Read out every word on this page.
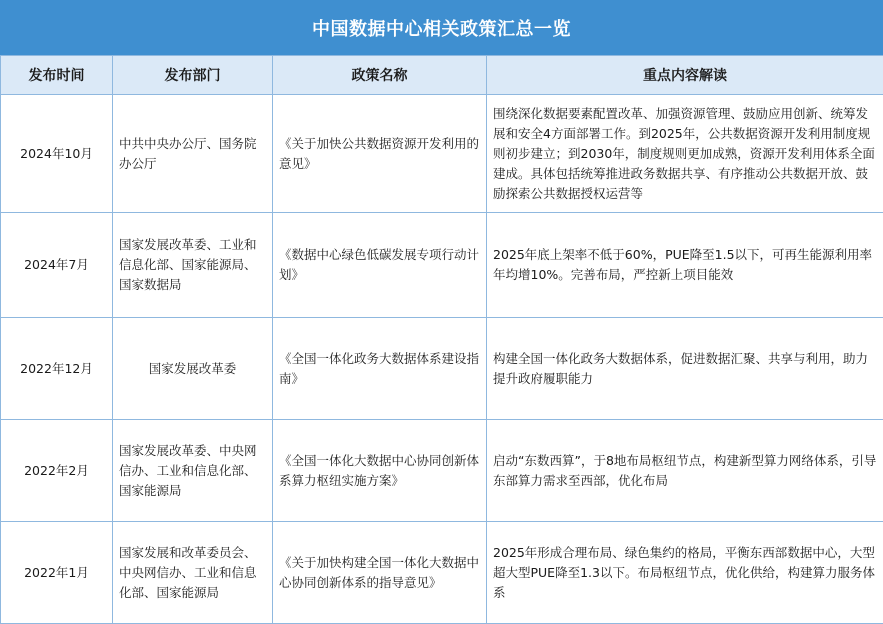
中国数据中心相关政策汇总一览
发布时间	发布部门	政策名称	重点内容解读
2024年10月	中共中央办公厅、国务院办公厅	《关于加快公共数据资源开发利用的意见》	围绕深化数据要素配置改革、加强资源管理、鼓励应用创新、统筹发展和安全4方面部署工作。到2025年，公共数据资源开发利用制度规则初步建立；到2030年，制度规则更加成熟，资源开发利用体系全面建成。具体包括统筹推进政务数据共享、有序推动公共数据开放、鼓励探索公共数据授权运营等
2024年7月	国家发展改革委、工业和信息化部、国家能源局、国家数据局	《数据中心绿色低碳发展专项行动计划》	2025年底上架率不低于60%，PUE降至1.5以下，可再生能源利用率年均增10%。完善布局，严控新上项目能效
2022年12月	国家发展改革委	《全国一体化政务大数据体系建设指南》	构建全国一体化政务大数据体系，促进数据汇聚、共享与利用，助力提升政府履职能力
2022年2月	国家发展改革委、中央网信办、工业和信息化部、国家能源局	《全国一体化大数据中心协同创新体系算力枢纽实施方案》	启动“东数西算”，于8地布局枢纽节点，构建新型算力网络体系，引导东部算力需求至西部，优化布局
2022年1月	国家发展和改革委员会、中央网信办、工业和信息化部、国家能源局	《关于加快构建全国一体化大数据中心协同创新体系的指导意见》	2025年形成合理布局、绿色集约的格局，平衡东西部数据中心，大型超大型PUE降至1.3以下。布局枢纽节点，优化供给，构建算力服务体系
